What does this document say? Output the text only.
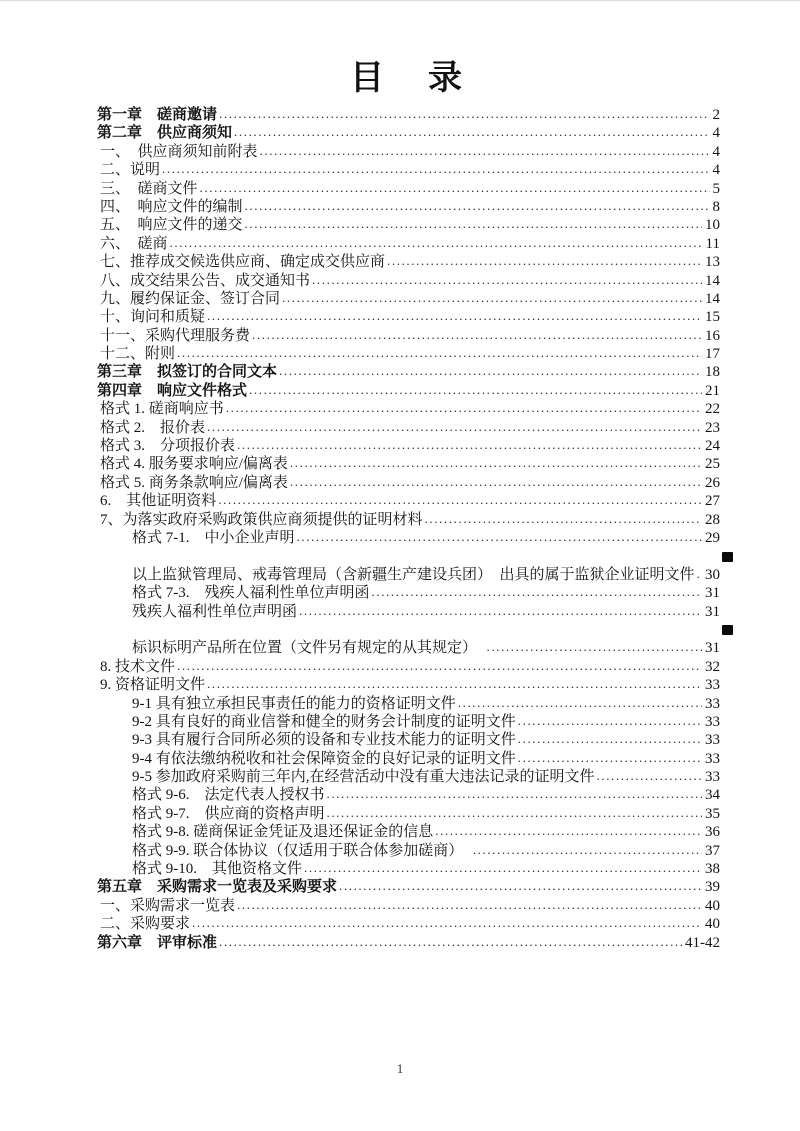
目　录
第一章　磋商邀请 .....	2
第二章　供应商须知 .....	4
一、　供应商须知前附表 .....	4
二、说明 .....	4
三、　磋商文件 .....	5
四、　响应文件的编制 .....	8
五、　响应文件的递交 .....	10
六、　磋商 .....	11
七、推荐成交候选供应商、确定成交供应商 .....	13
八、成交结果公告、成交通知书 .....	14
九、履约保证金、签订合同 .....	14
十、询问和质疑 .....	15
十一、采购代理服务费 .....	16
十二、附则 .....	17
第三章　拟签订的合同文本 .....	18
第四章　响应文件格式 .....	21
格式 1. 磋商响应书 .....	22
格式 2.　报价表 .....	23
格式 3.　分项报价表 .....	24
格式 4. 服务要求响应/偏离表 .....	25
格式 5. 商务条款响应/偏离表 .....	26
6.　其他证明资料 .....	27
7、为落实政府采购政策供应商须提供的证明材料 .....	28
格式 7-1.　中小企业声明 .....	29
以上监狱管理局、戒毒管理局（含新疆生产建设兵团）　出具的属于监狱企业证明文件 ..... 30
格式 7-3.　残疾人福利性单位声明函 .....	31
残疾人福利性单位声明函 .....	31
标识标明产品所在位置（文件另有规定的从其规定）　 .....	31
8. 技术文件 .....	32
9. 资格证明文件 .....	33
9-1 具有独立承担民事责任的能力的资格证明文件 .....	33
9-2 具有良好的商业信誉和健全的财务会计制度的证明文件 .....	33
9-3 具有履行合同所必须的设备和专业技术能力的证明文件 .....	33
9-4 有依法缴纳税收和社会保障资金的良好记录的证明文件 .....	33
9-5 参加政府采购前三年内,在经营活动中没有重大违法记录的证明文件 .....	33
格式 9-6.　法定代表人授权书 .....	34
格式 9-7.　供应商的资格声明 .....	35
格式 9-8. 磋商保证金凭证及退还保证金的信息 .....	36
格式 9-9. 联合体协议（仅适用于联合体参加磋商）　 .....	37
格式 9-10.　其他资格文件 .....	38
第五章　采购需求一览表及采购要求 .....	39
一、采购需求一览表 .....	40
二、采购要求 .....	40
第六章　评审标准 .....	41-42
1
